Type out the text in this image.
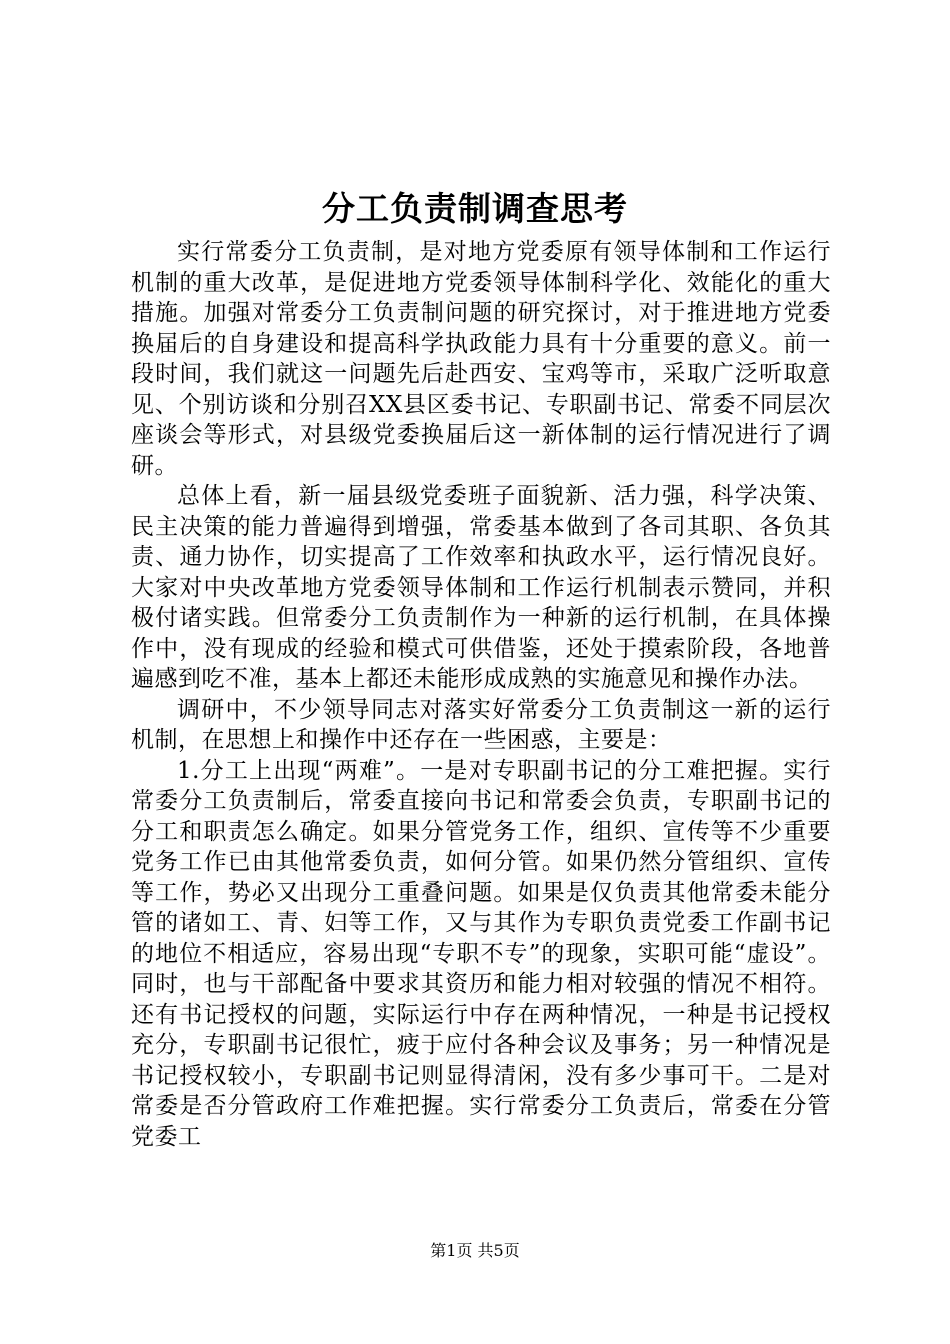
分工负责制调查思考

实行常委分工负责制，是对地方党委原有领导体制和工作运行机制的重大改革，是促进地方党委领导体制科学化、效能化的重大措施。加强对常委分工负责制问题的研究探讨，对于推进地方党委换届后的自身建设和提高科学执政能力具有十分重要的意义。前一段时间，我们就这一问题先后赴西安、宝鸡等市，采取广泛听取意见、个别访谈和分别召XX县区委书记、专职副书记、常委不同层次座谈会等形式，对县级党委换届后这一新体制的运行情况进行了调研。

总体上看，新一届县级党委班子面貌新、活力强，科学决策、民主决策的能力普遍得到增强，常委基本做到了各司其职、各负其责、通力协作，切实提高了工作效率和执政水平，运行情况良好。大家对中央改革地方党委领导体制和工作运行机制表示赞同，并积极付诸实践。但常委分工负责制作为一种新的运行机制，在具体操作中，没有现成的经验和模式可供借鉴，还处于摸索阶段，各地普遍感到吃不准，基本上都还未能形成成熟的实施意见和操作办法。

调研中，不少领导同志对落实好常委分工负责制这一新的运行机制，在思想上和操作中还存在一些困惑，主要是：

1.分工上出现“两难”。一是对专职副书记的分工难把握。实行常委分工负责制后，常委直接向书记和常委会负责，专职副书记的分工和职责怎么确定。如果分管党务工作，组织、宣传等不少重要党务工作已由其他常委负责，如何分管。如果仍然分管组织、宣传等工作，势必又出现分工重叠问题。如果是仅负责其他常委未能分管的诸如工、青、妇等工作，又与其作为专职负责党委工作副书记的地位不相适应，容易出现“专职不专”的现象，实职可能“虚设”。同时，也与干部配备中要求其资历和能力相对较强的情况不相符。还有书记授权的问题，实际运行中存在两种情况，一种是书记授权充分，专职副书记很忙，疲于应付各种会议及事务；另一种情况是书记授权较小，专职副书记则显得清闲，没有多少事可干。二是对常委是否分管政府工作难把握。实行常委分工负责后，常委在分管党委工

第1页 共5页
